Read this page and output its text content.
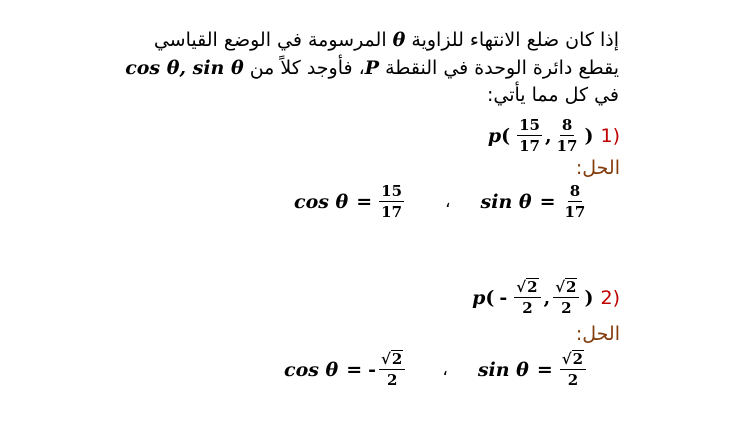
إذا كان ضلع الانتهاء للزاوية θ المرسومة في الوضع القياسي
يقطع دائرة الوحدة في النقطة P، فأوجد كلاً من cos θ, sin θ
في كل مما يأتي:
p ( $\frac{15}{17}$ , $\frac{8}{17}$ ) 1)
الحل:
$\cos \theta = \frac{15}{17}$ ، $\sin \theta = \frac{8}{17}$
p ( - $\frac{√ 2}{2}$ , $\frac{√ 2}{2}$ ) 2)
الحل:
cos θ = - $\frac{√ 2}{2}$ ، $\sin \theta = \frac{√ 2}{2}$
